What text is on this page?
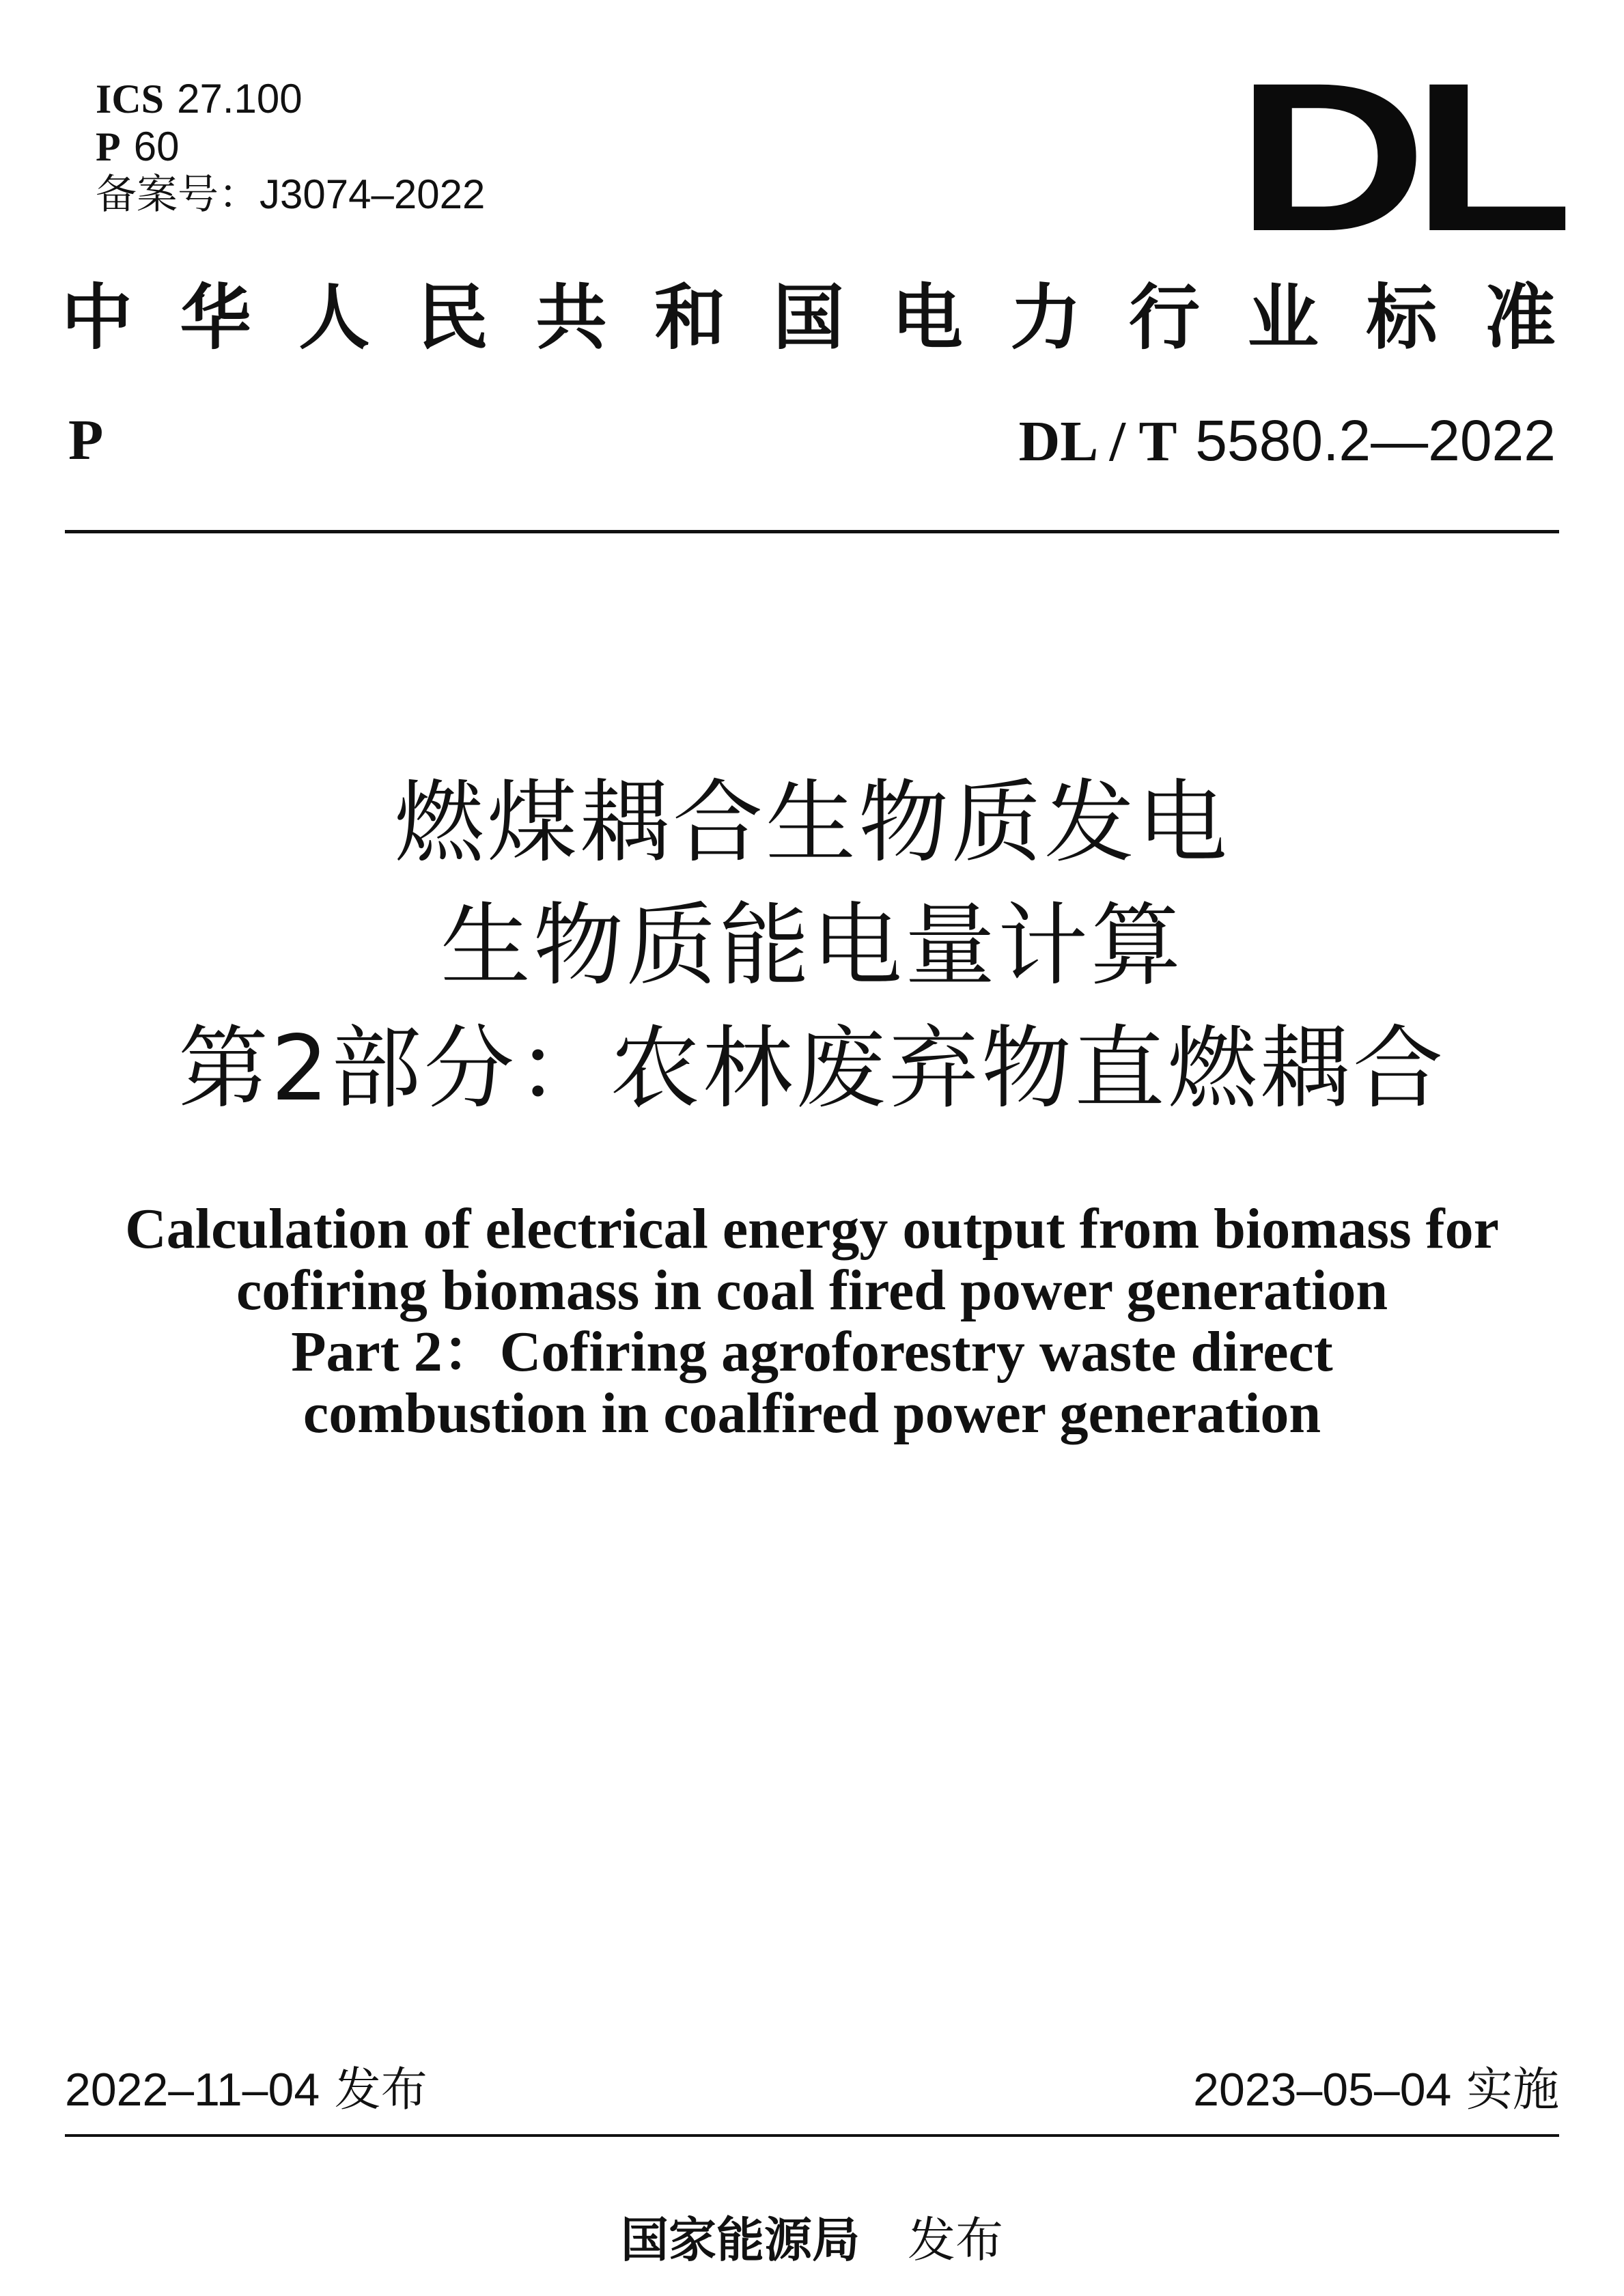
ICS 27.100
P 60
备案号：J3074–2022	DL
中华人民共和国电力行业标准
P	DL / T 5580.2—2022
燃煤耦合生物质发电
生物质能电量计算
第2部分：农林废弃物直燃耦合
Calculation of electrical energy output from biomass for
cofiring biomass in coal fired power generation
Part 2：Cofiring agroforestry waste direct
combustion in coalfired power generation
2022–11–04 发布	2023–05–04 实施
国家能源局 发布
